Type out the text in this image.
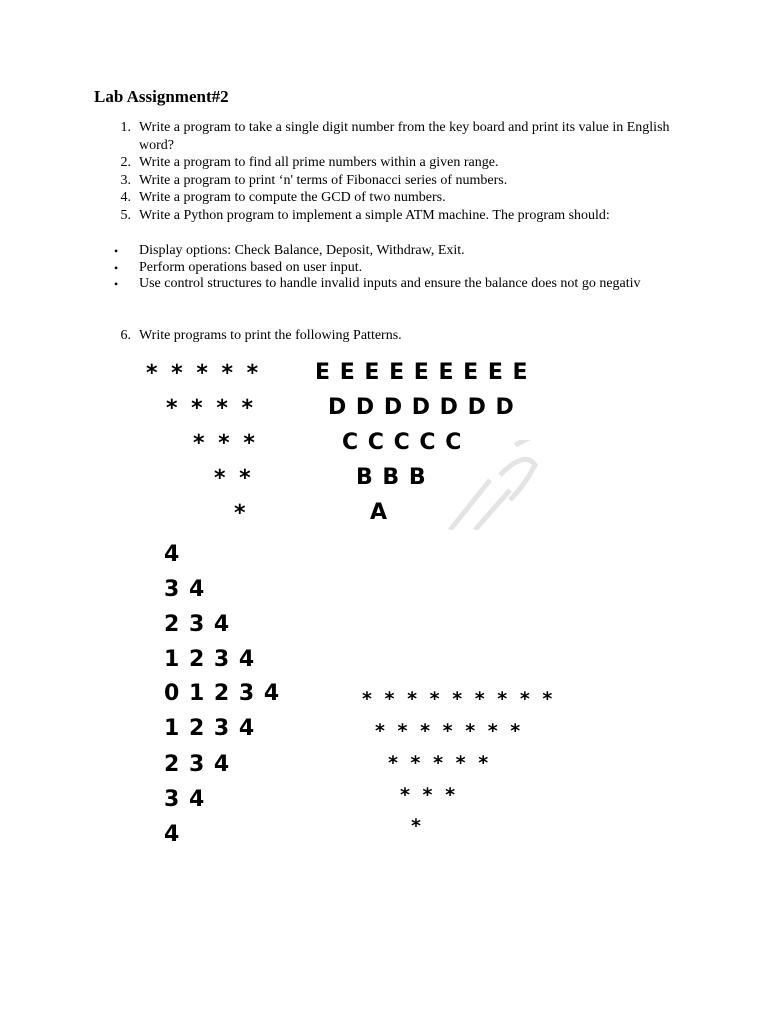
Lab Assignment#2
1. Write a program to take a single digit number from the key board and print its value in English word?
2. Write a program to find all prime numbers within a given range.
3. Write a program to print ‘n' terms of Fibonacci series of numbers.
4. Write a program to compute the GCD of two numbers.
5. Write a Python program to implement a simple ATM machine. The program should:
•	Display options: Check Balance, Deposit, Withdraw, Exit.
•	Perform operations based on user input.
•	Use control structures to handle invalid inputs and ensure the balance does not go negativ
6. Write programs to print the following Patterns.
* * * * *
* * * *
* * *
* *
*
E E E E E E E E E
D D D D D D D
C C C C C
B B B
A
4
3 4
2 3 4
1 2 3 4
0 1 2 3 4
1 2 3 4
2 3 4
3 4
4
* * * * * * * * *
* * * * * * *
* * * * *
* * *
*
